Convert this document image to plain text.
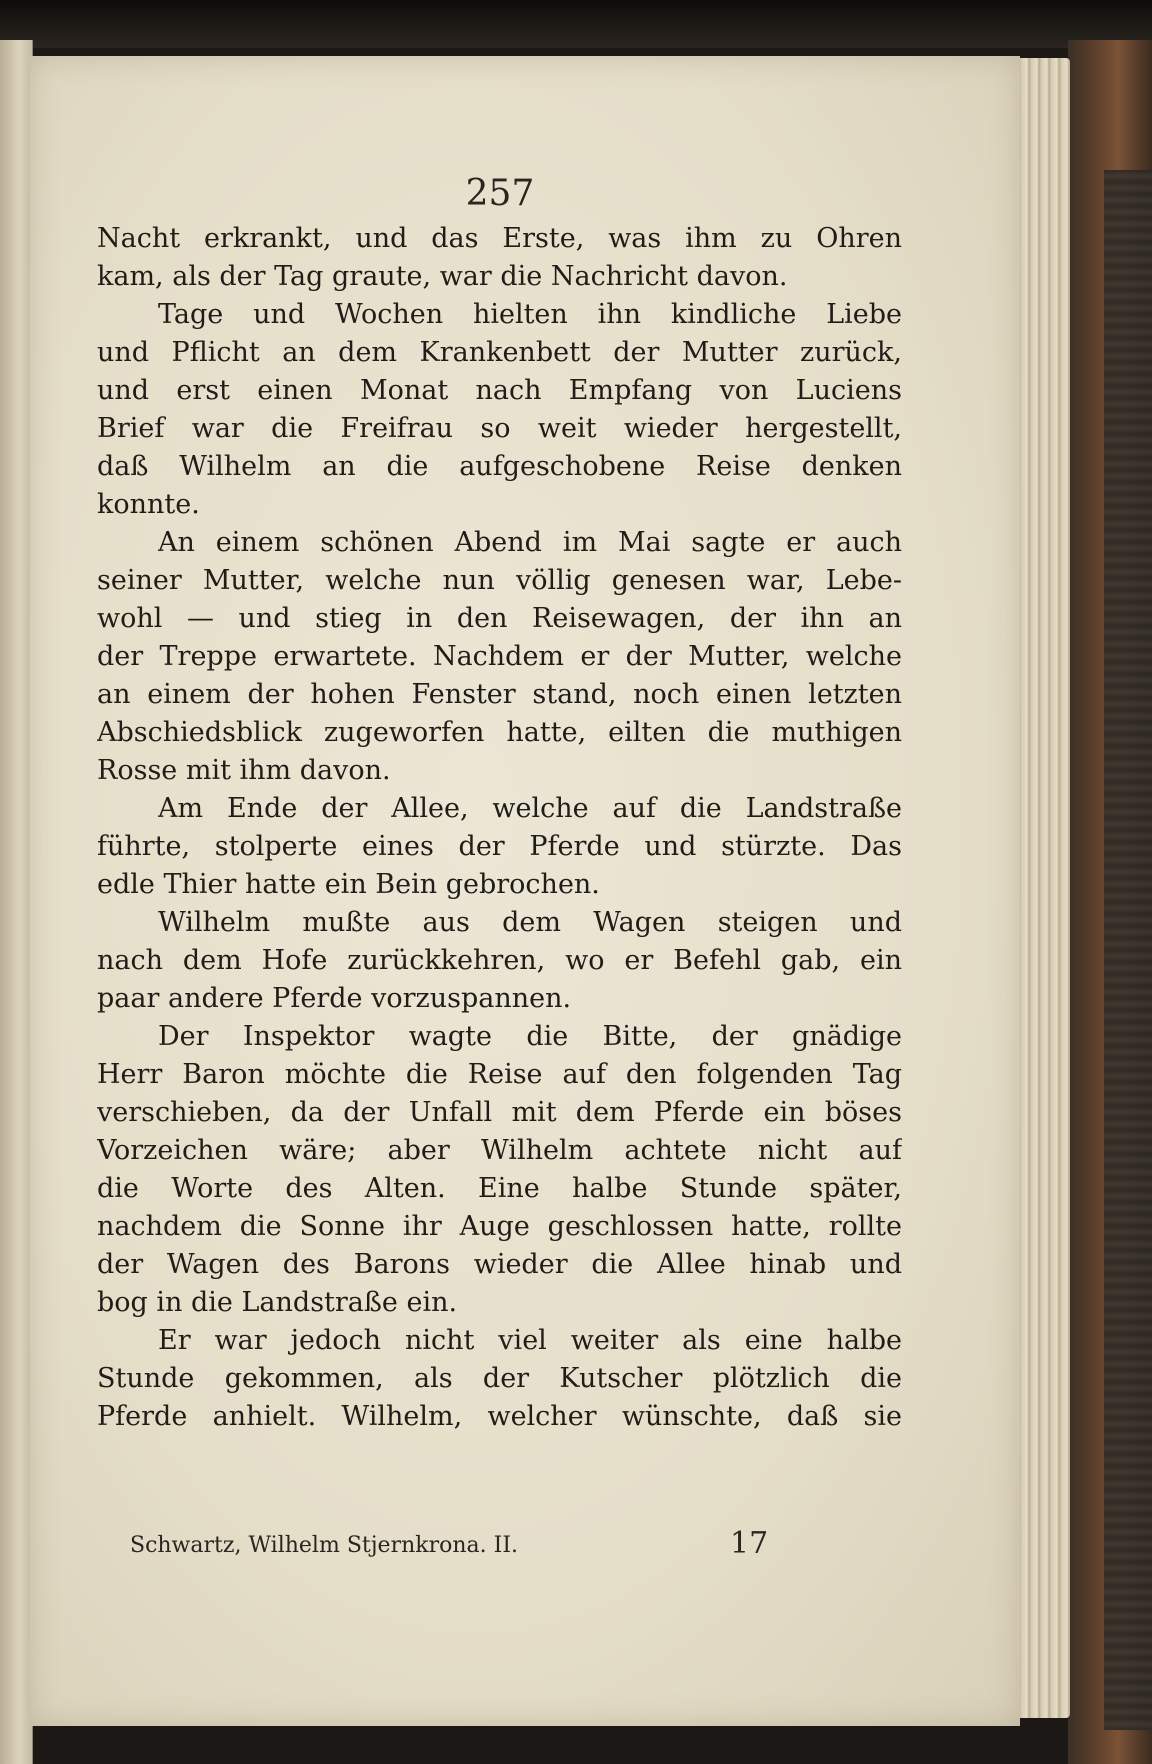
257
Nacht erkrankt, und das Erste, was ihm zu Ohren
kam, als der Tag graute, war die Nachricht davon.
Tage und Wochen hielten ihn kindliche Liebe
und Pflicht an dem Krankenbett der Mutter zurück,
und erst einen Monat nach Empfang von Luciens
Brief war die Freifrau so weit wieder hergestellt,
daß Wilhelm an die aufgeschobene Reise denken
konnte.
An einem schönen Abend im Mai sagte er auch
seiner Mutter, welche nun völlig genesen war, Lebe-
wohl — und stieg in den Reisewagen, der ihn an
der Treppe erwartete. Nachdem er der Mutter, welche
an einem der hohen Fenster stand, noch einen letzten
Abschiedsblick zugeworfen hatte, eilten die muthigen
Rosse mit ihm davon.
Am Ende der Allee, welche auf die Landstraße
führte, stolperte eines der Pferde und stürzte. Das
edle Thier hatte ein Bein gebrochen.
Wilhelm mußte aus dem Wagen steigen und
nach dem Hofe zurückkehren, wo er Befehl gab, ein
paar andere Pferde vorzuspannen.
Der Inspektor wagte die Bitte, der gnädige
Herr Baron möchte die Reise auf den folgenden Tag
verschieben, da der Unfall mit dem Pferde ein böses
Vorzeichen wäre; aber Wilhelm achtete nicht auf
die Worte des Alten. Eine halbe Stunde später,
nachdem die Sonne ihr Auge geschlossen hatte, rollte
der Wagen des Barons wieder die Allee hinab und
bog in die Landstraße ein.
Er war jedoch nicht viel weiter als eine halbe
Stunde gekommen, als der Kutscher plötzlich die
Pferde anhielt. Wilhelm, welcher wünschte, daß sie
Schwartz, Wilhelm Stjernkrona. II.	17
